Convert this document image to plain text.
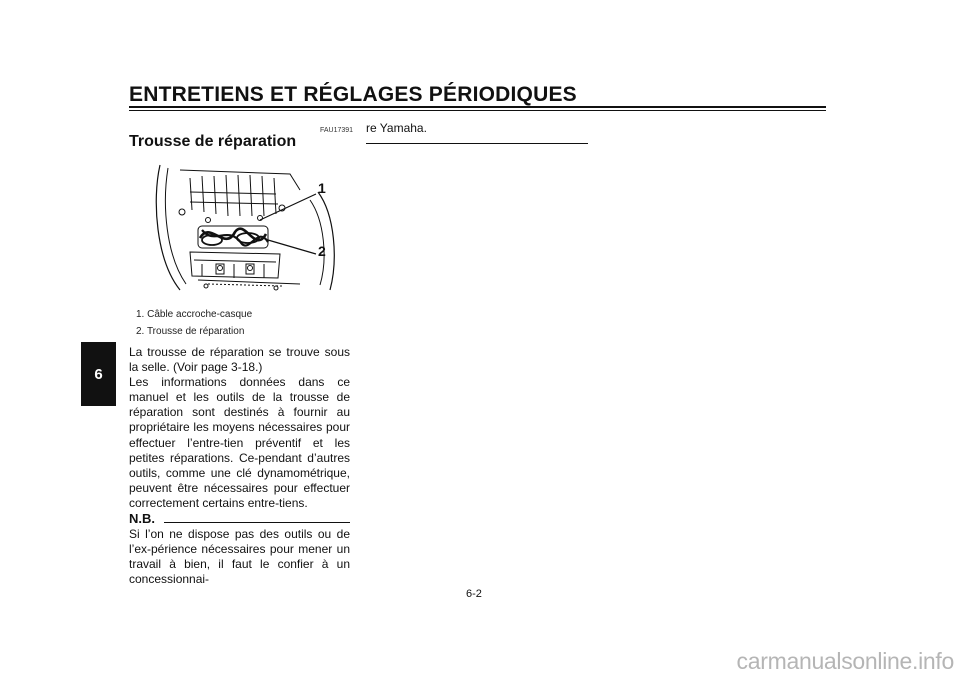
ENTRETIENS ET RÉGLAGES PÉRIODIQUES
6
FAU17391
Trousse de réparation
1
2
1. Câble accroche-casque
2. Trousse de réparation

La trousse de réparation se trouve sous la selle. (Voir page 3-18.)

Les informations données dans ce manuel et les outils de la trousse de réparation sont destinés à fournir au propriétaire les moyens nécessaires pour effectuer l’entre-tien préventif et les petites réparations. Ce-pendant d’autres outils, comme une clé dynamométrique, peuvent être nécessaires pour effectuer correctement certains entre-tiens.

N.B.

Si l’on ne dispose pas des outils ou de l’ex-périence nécessaires pour mener un travail à bien, il faut le confier à un concessionnai-

re Yamaha.
6-2
carmanualsonline.info
